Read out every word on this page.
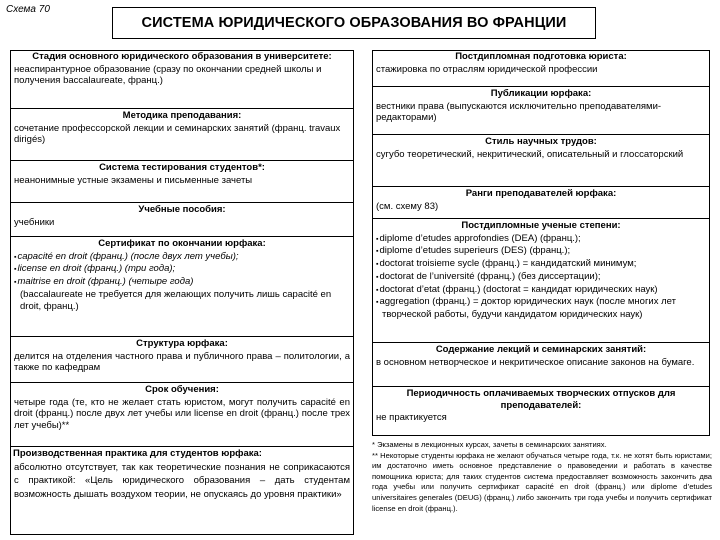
Схема 70
СИСТЕМА ЮРИДИЧЕСКОГО ОБРАЗОВАНИЯ ВО ФРАНЦИИ
Стадия основного юридического образования в университете:
неаспирантурное образование (сразу по окончании средней школы и получения baccalaureate, франц.)
Методика преподавания:
сочетание профессорской лекции и семинарских занятий (франц. travaux dirigés)
Система тестирования студентов*:
неанонимные устные экзамены и письменные зачеты
Учебные пособия:
учебники
Сертификат по окончании юрфака:
▪ capacité en droit (франц.) (после двух лет учебы);
▪ license en droit (франц.) (три года);
▪ maitrise en droit (франц.) (четыре года)
(baccalaureate не требуется для желающих получить лишь capacité en droit, франц.)
Структура юрфака:
делится на отделения частного права и публичного права – политологии, а также по кафедрам
Срок обучения:
четыре года (те, кто не желает стать юристом, могут получить capacité en droit (франц.) после двух лет учебы или license en droit (франц.) после трех лет учебы)**
Производственная практика для студентов юрфака:
абсолютно отсутствует, так как теоретические познания не соприкасаются с практикой: «Цель юридического образования – дать студентам возможность дышать воздухом теории, не опускаясь до уровня практики»
Постдипломная подготовка юриста:
стажировка по отраслям юридической профессии
Публикации юрфака:
вестники права (выпускаются исключительно преподавателями-редакторами)
Стиль научных трудов:
сугубо теоретический, некритический, описательный и глоссаторский
Ранги преподавателей юрфака:
(см. схему 83)
Постдипломные ученые степени:
▪ diplome d’etudes approfondies (DEA) (франц.);
▪ diplome d’etudes superieurs (DES) (франц.);
▪ doctorat troisieme sycle (франц.) = кандидатский минимум;
▪ doctorat de l’université (франц.) (без диссертации);
▪ doctorat d’etat (франц.) (doctorat = кандидат юридических наук)
▪ aggregation (франц.) = доктор юридических наук (после многих лет творческой работы, будучи кандидатом юридических наук)
Содержание лекций и семинарских занятий:
в основном нетворческое и некритическое описание законов на бумаге.
Периодичность оплачиваемых творческих отпусков для преподавателей:
не практикуется

* Экзамены в лекционных курсах, зачеты в семинарских занятиях.

** Некоторые студенты юрфака не желают обучаться четыре года, т.к. не хотят быть юристами; им достаточно иметь основное представление о правоведении и работать в качестве помощника юриста; для таких студентов система предоставляет возможность закончить два года учебы или получить сертификат capacité en droit (франц.) или diplome d’etudes universitaires generales (DEUG) (франц.) либо закончить три года учебы и получить сертификат license en droit (франц.).
